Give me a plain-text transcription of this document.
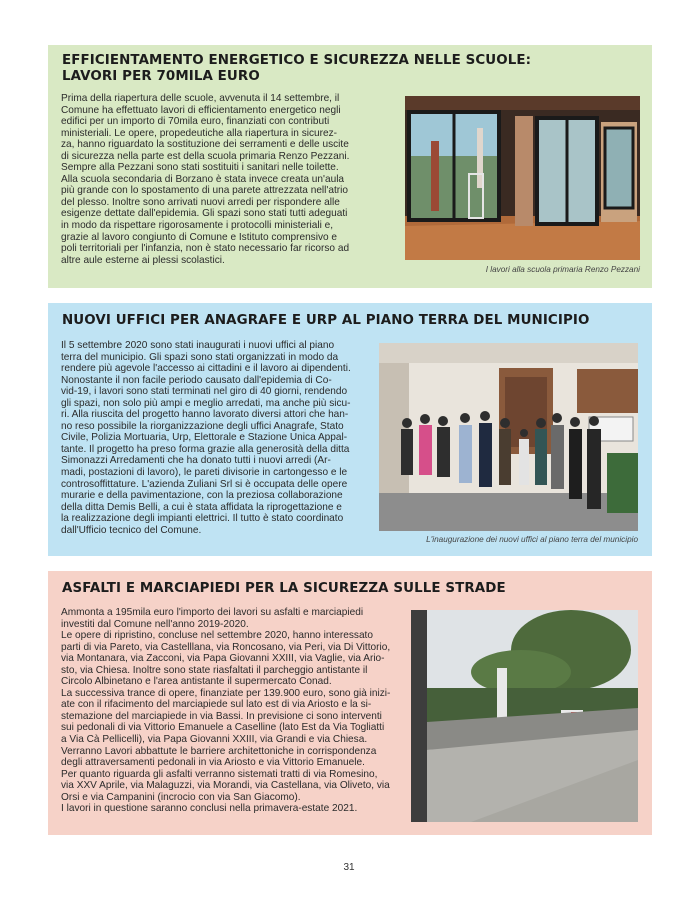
EFFICIENTAMENTO ENERGETICO E SICUREZZA NELLE SCUOLE:
LAVORI PER 70MILA EURO

Prima della riapertura delle scuole, avvenuta il 14 settembre, il
Comune ha effettuato lavori di efficientamento energetico negli
edifici per un importo di 70mila euro, finanziati con contributi
ministeriali. Le opere, propedeutiche alla riapertura in sicurez-
za, hanno riguardato la sostituzione dei serramenti e delle uscite
di sicurezza nella parte est della scuola primaria Renzo Pezzani.
Sempre alla Pezzani sono stati sostituiti i sanitari nelle toilette.
Alla scuola secondaria di Borzano è stata invece creata un'aula
più grande con lo spostamento di una parete attrezzata nell'atrio
del plesso. Inoltre sono arrivati nuovi arredi per rispondere alle
esigenze dettate dall'epidemia. Gli spazi sono stati tutti adeguati
in modo da rispettare rigorosamente i protocolli ministeriali e,
grazie al lavoro congiunto di Comune e Istituto comprensivo e
poli territoriali per l'infanzia, non è stato necessario far ricorso ad
altre aule esterne ai plessi scolastici.

I lavori alla scuola primaria Renzo Pezzani

NUOVI UFFICI PER ANAGRAFE E URP AL PIANO TERRA DEL MUNICIPIO

Il 5 settembre 2020 sono stati inaugurati i nuovi uffici al piano
terra del municipio. Gli spazi sono stati organizzati in modo da
rendere più agevole l'accesso ai cittadini e il lavoro ai dipendenti.
Nonostante il non facile periodo causato dall'epidemia di Co-
vid-19, i lavori sono stati terminati nel giro di 40 giorni, rendendo
gli spazi, non solo più ampi e meglio arredati, ma anche più sicu-
ri. Alla riuscita del progetto hanno lavorato diversi attori che han-
no reso possibile la riorganizzazione degli uffici Anagrafe, Stato
Civile, Polizia Mortuaria, Urp, Elettorale e Stazione Unica Appal-
tante. Il progetto ha preso forma grazie alla generosità della ditta
Simonazzi Arredamenti che ha donato tutti i nuovi arredi (Ar-
madi, postazioni di lavoro), le pareti divisorie in cartongesso e le
controsoffittature. L'azienda Zuliani Srl si è occupata delle opere
murarie e della pavimentazione, con la preziosa collaborazione
della ditta Demis Belli, a cui è stata affidata la riprogettazione e
la realizzazione degli impianti elettrici. Il tutto è stato coordinato
dall'Ufficio tecnico del Comune.

L'inaugurazione dei nuovi uffici al piano terra del municipio

ASFALTI E MARCIAPIEDI PER LA SICUREZZA SULLE STRADE

Ammonta a 195mila euro l'importo dei lavori su asfalti e marciapiedi
investiti dal Comune nell'anno 2019-2020.
Le opere di ripristino, concluse nel settembre 2020, hanno interessato
parti di via Pareto, via Castelllana, via Roncosano, via Peri, via Di Vittorio,
via Montanara, via Zacconi, via Papa Giovanni XXIII, via Vaglie, via Ario-
sto, via Chiesa. Inoltre sono state riasfaltati il parcheggio antistante il
Circolo Albinetano e l'area antistante il supermercato Conad.
La successiva trance di opere, finanziate per 139.900 euro, sono già inizi-
ate con il rifacimento del marciapiede sul lato est di via Ariosto e la si-
stemazione del marciapiede in via Bassi. In previsione ci sono interventi
sui pedonali di via Vittorio Emanuele a Caselline (lato Est da Via Togliatti
a Via Cà Pellicelli), via Papa Giovanni XXIII, via Grandi e via Chiesa.
Verranno Lavori abbattute le barriere architettoniche in corrispondenza
degli attraversamenti pedonali in via Ariosto e via Vittorio Emanuele.
Per quanto riguarda gli asfalti verranno sistemati tratti di via Romesino,
via XXV Aprile, via Malaguzzi, via Morandi, via Castellana, via Oliveto, via
Orsi e via Campanini (incrocio con via San Giacomo).
I lavori in questione saranno conclusi nella primavera-estate 2021.

31
